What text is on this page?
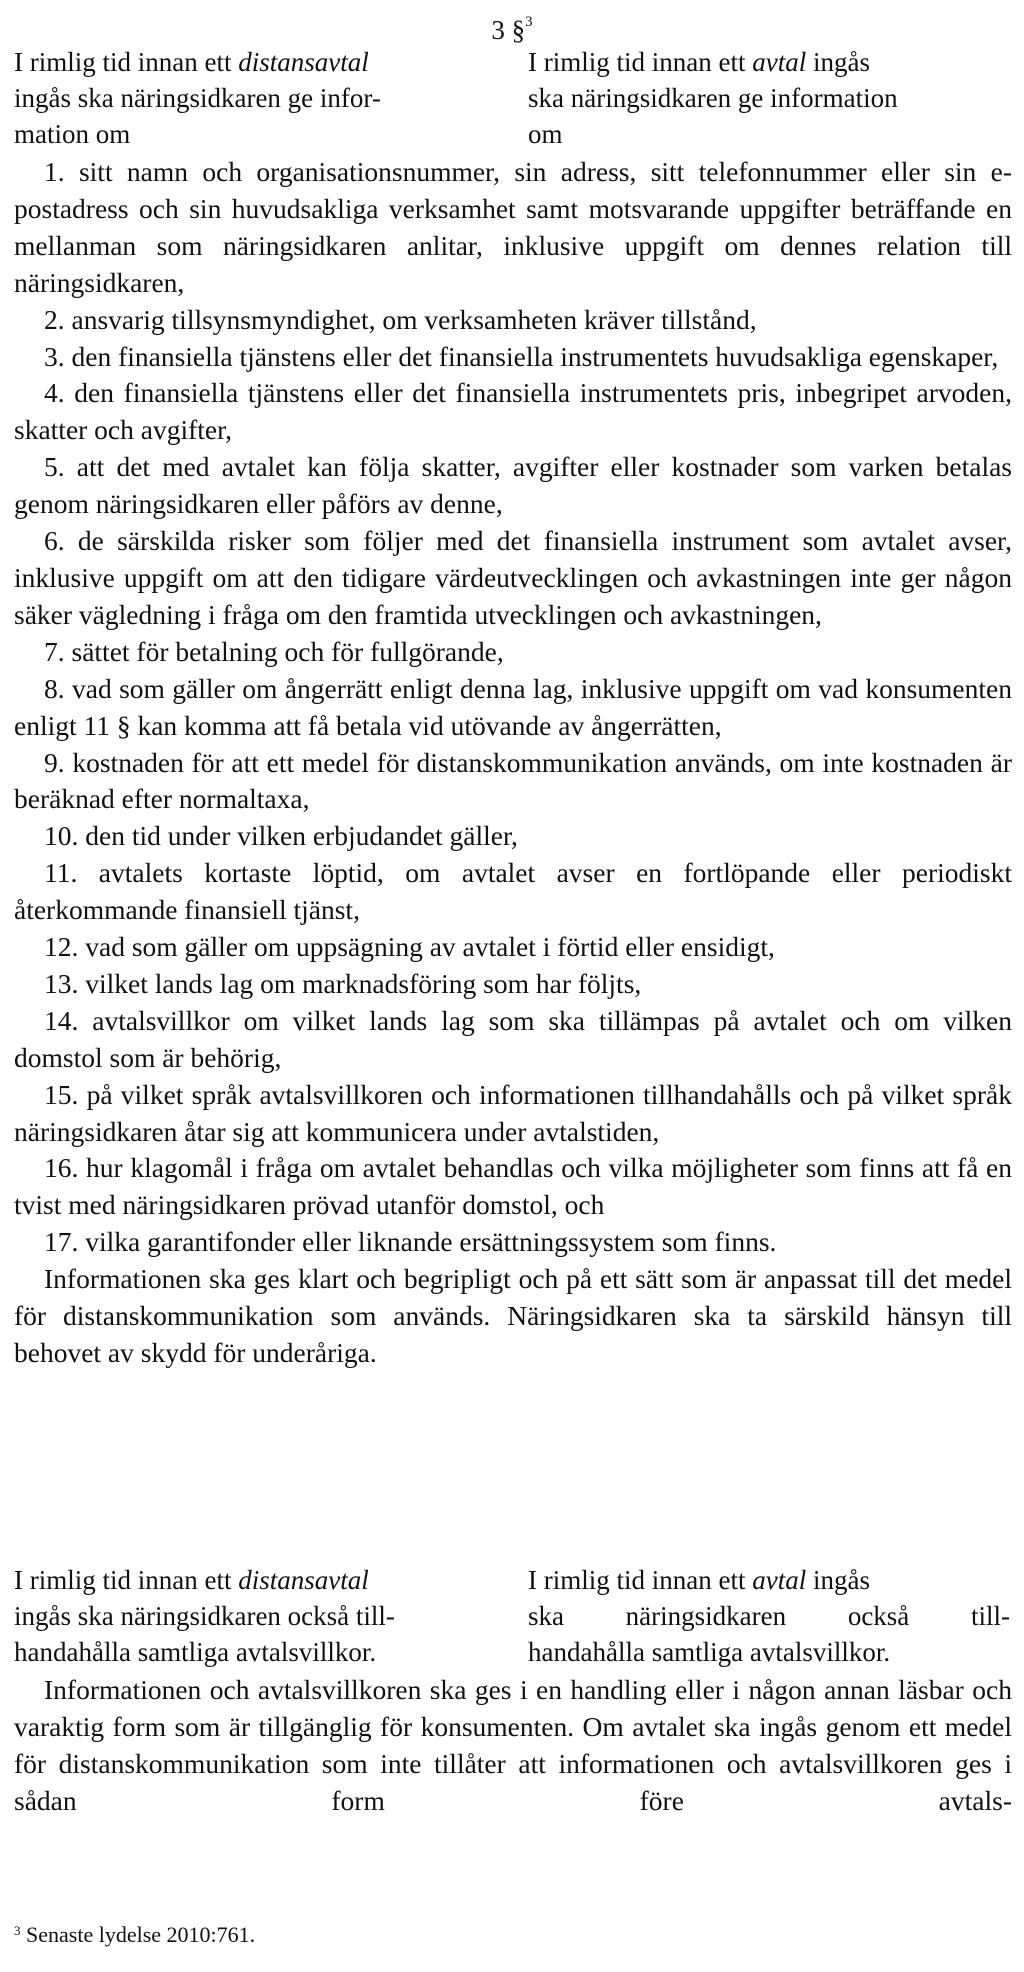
3 §$^3$
I rimlig tid innan ett distansavtal
ingås ska näringsidkaren ge infor-
mation om
I rimlig tid innan ett avtal ingås
ska näringsidkaren ge information
om

1. sitt namn och organisationsnummer, sin adress, sitt telefonnummer eller sin e-postadress och sin huvudsakliga verksamhet samt motsvarande uppgifter beträffande en mellanman som näringsidkaren anlitar, inklusive uppgift om dennes relation till näringsidkaren,

2. ansvarig tillsynsmyndighet, om verksamheten kräver tillstånd,

3. den finansiella tjänstens eller det finansiella instrumentets huvudsakliga egenskaper,

4. den finansiella tjänstens eller det finansiella instrumentets pris, inbegripet arvoden, skatter och avgifter,

5. att det med avtalet kan följa skatter, avgifter eller kostnader som varken betalas genom näringsidkaren eller påförs av denne,

6. de särskilda risker som följer med det finansiella instrument som avtalet avser, inklusive uppgift om att den tidigare värdeutvecklingen och avkastningen inte ger någon säker vägledning i fråga om den framtida utvecklingen och avkastningen,

7. sättet för betalning och för fullgörande,

8. vad som gäller om ångerrätt enligt denna lag, inklusive uppgift om vad konsumenten enligt 11 § kan komma att få betala vid utövande av ångerrätten,

9. kostnaden för att ett medel för distanskommunikation används, om inte kostnaden är beräknad efter normaltaxa,

10. den tid under vilken erbjudandet gäller,

11. avtalets kortaste löptid, om avtalet avser en fortlöpande eller periodiskt återkommande finansiell tjänst,

12. vad som gäller om uppsägning av avtalet i förtid eller ensidigt,

13. vilket lands lag om marknadsföring som har följts,

14. avtalsvillkor om vilket lands lag som ska tillämpas på avtalet och om vilken domstol som är behörig,

15. på vilket språk avtalsvillkoren och informationen tillhandahålls och på vilket språk näringsidkaren åtar sig att kommunicera under avtalstiden,

16. hur klagomål i fråga om avtalet behandlas och vilka möjligheter som finns att få en tvist med näringsidkaren prövad utanför domstol, och

17. vilka garantifonder eller liknande ersättningssystem som finns.

Informationen ska ges klart och begripligt och på ett sätt som är anpassat till det medel för distanskommunikation som används. Näringsidkaren ska ta särskild hänsyn till behovet av skydd för underåriga.

I rimlig tid innan ett distansavtal
ingås ska näringsidkaren också till-
handahålla samtliga avtalsvillkor.
I rimlig tid innan ett avtal ingås
ska näringsidkaren också till-
handahålla samtliga avtalsvillkor.

Informationen och avtalsvillkoren ska ges i en handling eller i någon annan läsbar och varaktig form som är tillgänglig för konsumenten. Om avtalet ska ingås genom ett medel för distanskommunikation som inte tillåter att informationen och avtalsvillkoren ges i sådan form före avtals-

$^3$ Senaste lydelse 2010:761.
